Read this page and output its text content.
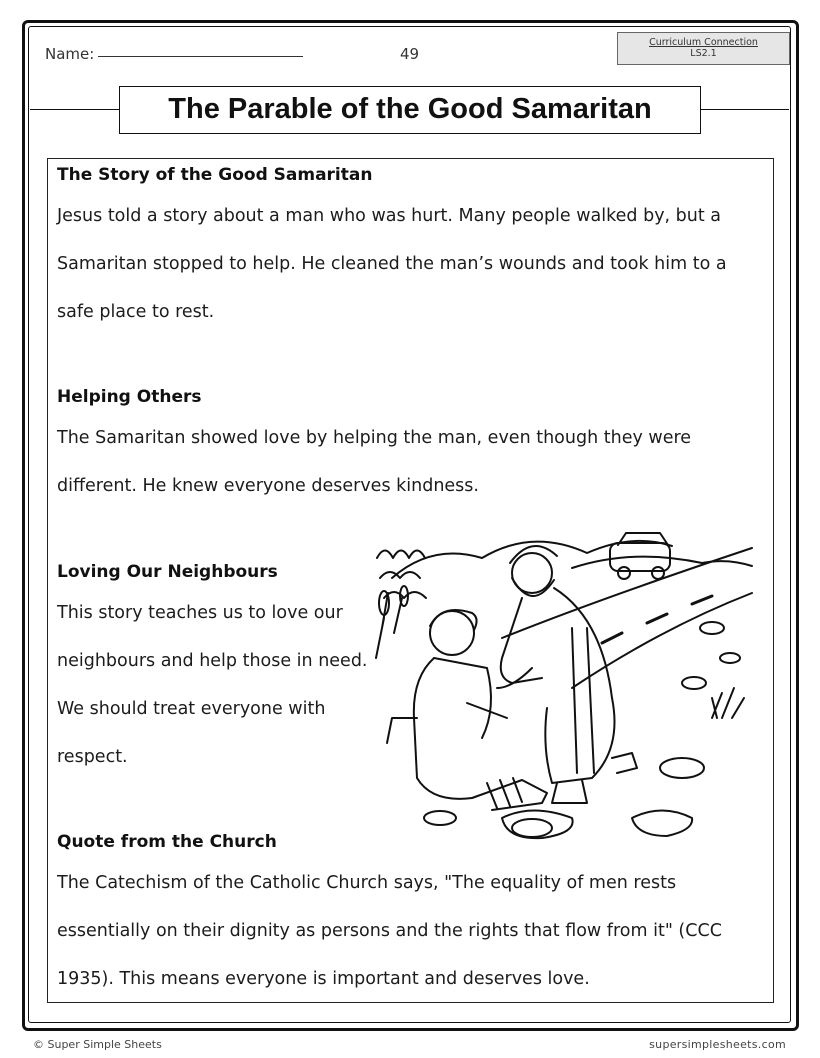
Name:	49
Curriculum Connection
LS2.1
The Parable of the Good Samaritan
The Story of the Good Samaritan
Jesus told a story about a man who was hurt. Many people walked by, but a
Samaritan stopped to help. He cleaned the man’s wounds and took him to a
safe place to rest.
Helping Others
The Samaritan showed love by helping the man, even though they were
different. He knew everyone deserves kindness.
Loving Our Neighbours
This story teaches us to love our
neighbours and help those in need.
We should treat everyone with
respect.
Quote from the Church
The Catechism of the Catholic Church says, "The equality of men rests
essentially on their dignity as persons and the rights that flow from it" (CCC
1935). This means everyone is important and deserves love.
© Super Simple Sheets	supersimplesheets.com
